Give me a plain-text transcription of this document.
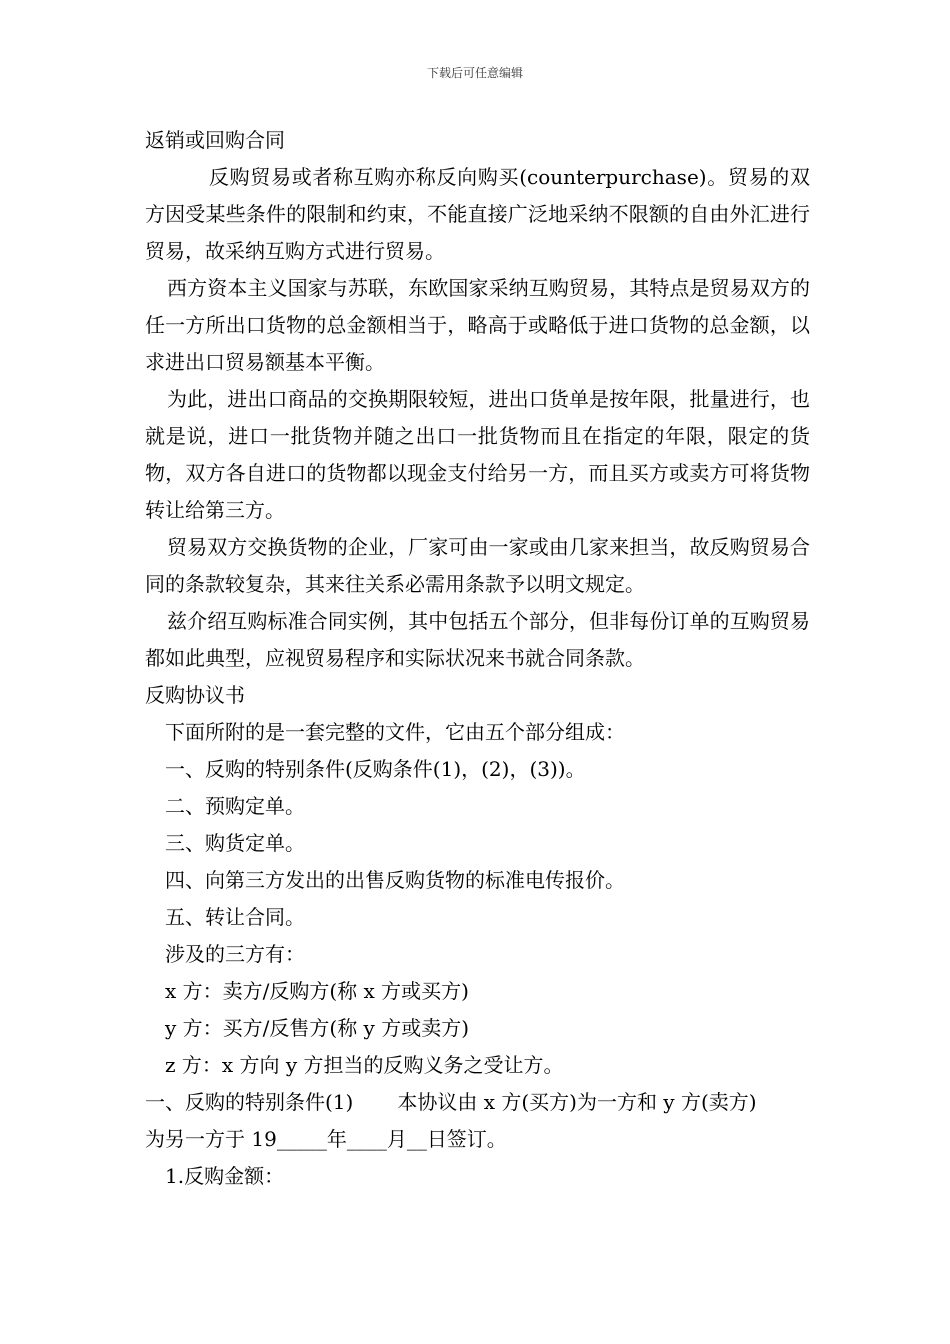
下载后可任意编辑

返销或回购合同

反购贸易或者称互购亦称反向购买(counterpurchase)。贸易的双方因受某些条件的限制和约束，不能直接广泛地采纳不限额的自由外汇进行贸易，故采纳互购方式进行贸易。

西方资本主义国家与苏联，东欧国家采纳互购贸易，其特点是贸易双方的任一方所出口货物的总金额相当于，略高于或略低于进口货物的总金额，以求进出口贸易额基本平衡。

为此，进出口商品的交换期限较短，进出口货单是按年限，批量进行，也就是说，进口一批货物并随之出口一批货物而且在指定的年限，限定的货物，双方各自进口的货物都以现金支付给另一方，而且买方或卖方可将货物转让给第三方。

贸易双方交换货物的企业，厂家可由一家或由几家来担当，故反购贸易合同的条款较复杂，其来往关系必需用条款予以明文规定。

兹介绍互购标准合同实例，其中包括五个部分，但非每份订单的互购贸易都如此典型，应视贸易程序和实际状况来书就合同条款。

反购协议书

下面所附的是一套完整的文件，它由五个部分组成：

一、反购的特别条件(反购条件(1)，(2)，(3))。

二、预购定单。

三、购货定单。

四、向第三方发出的出售反购货物的标准电传报价。

五、转让合同。

涉及的三方有：

x 方：卖方/反购方(称 x 方或买方)

y 方：买方/反售方(称 y 方或卖方)

z 方：x 方向 y 方担当的反购义务之受让方。

一、反购的特别条件(1) 本协议由 x 方(买方)为一方和 y 方(卖方)

为另一方于 19_____年____月__日签订。

1.反购金额：
